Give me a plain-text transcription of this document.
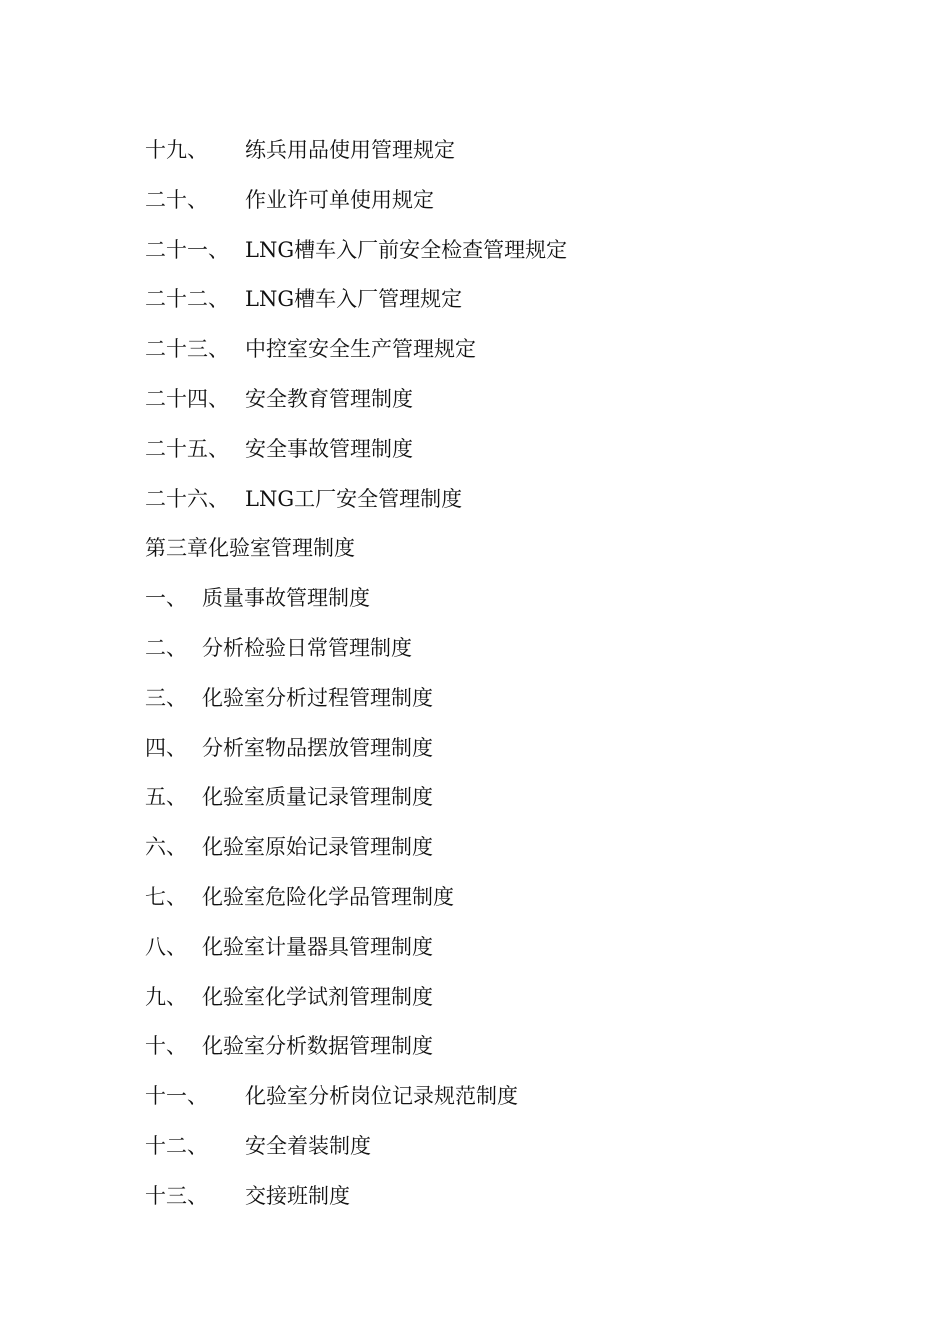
十九、	练兵用品使用管理规定
二十、	作业许可单使用规定
二十一、 LNG槽车入厂前安全检查管理规定
二十二、 LNG槽车入厂管理规定
二十三、 中控室安全生产管理规定
二十四、 安全教育管理制度
二十五、 安全事故管理制度
二十六、 LNG工厂安全管理制度
第三章化验室管理制度
一、 质量事故管理制度
二、 分析检验日常管理制度
三、 化验室分析过程管理制度
四、 分析室物品摆放管理制度
五、 化验室质量记录管理制度
六、 化验室原始记录管理制度
七、 化验室危险化学品管理制度
八、 化验室计量器具管理制度
九、 化验室化学试剂管理制度
十、 化验室分析数据管理制度
十一、	化验室分析岗位记录规范制度
十二、	安全着装制度
十三、	交接班制度
